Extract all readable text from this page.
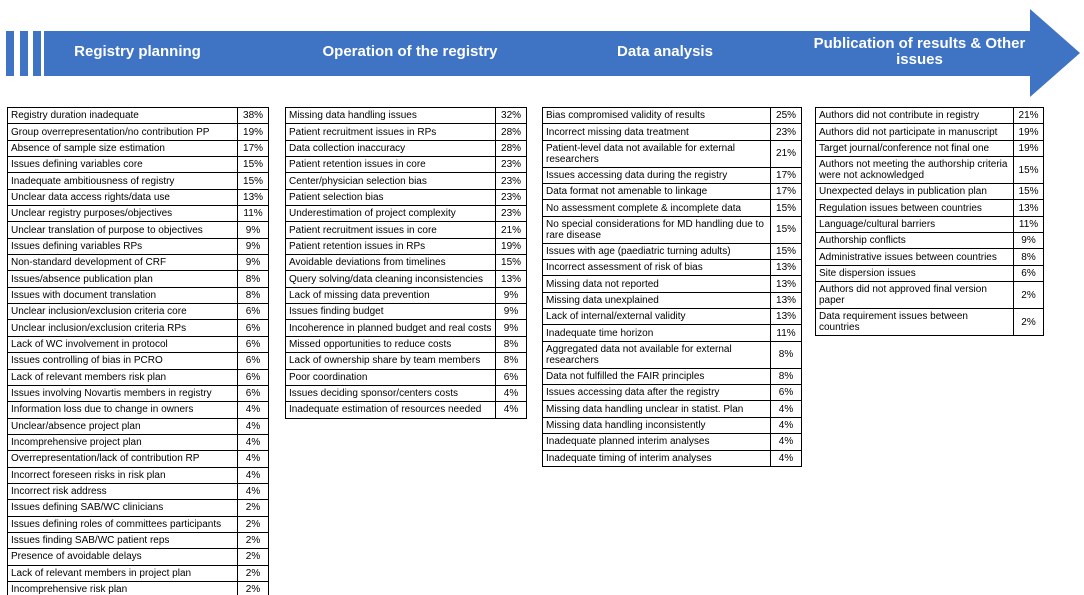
Registry planning	Operation of the registry	Data analysis	Publication of results & Other issues
Registry duration inadequate	38%
Group overrepresentation/no contribution PP	19%
Absence of sample size estimation	17%
Issues defining variables core	15%
Inadequate ambitiousness of registry	15%
Unclear data access rights/data use	13%
Unclear registry purposes/objectives	11%
Unclear translation of purpose to objectives	9%
Issues defining variables RPs	9%
Non-standard development of CRF	9%
Issues/absence publication plan	8%
Issues with document translation	8%
Unclear inclusion/exclusion criteria core	6%
Unclear inclusion/exclusion criteria RPs	6%
Lack of WC involvement in protocol	6%
Issues controlling of bias in PCRO	6%
Lack of relevant members risk plan	6%
Issues involving Novartis members in registry	6%
Information loss due to change in owners	4%
Unclear/absence project plan	4%
Incomprehensive project plan	4%
Overrepresentation/lack of contribution RP	4%
Incorrect foreseen risks in risk plan	4%
Incorrect risk address	4%
Issues defining SAB/WC clinicians	2%
Issues defining roles of committees participants	2%
Issues finding SAB/WC patient reps	2%
Presence of avoidable delays	2%
Lack of relevant members in project plan	2%
Incomprehensive risk plan	2%
Missing data handling issues	32%
Patient recruitment issues in RPs	28%
Data collection inaccuracy	28%
Patient retention issues in core	23%
Center/physician selection bias	23%
Patient selection bias	23%
Underestimation of project complexity	23%
Patient recruitment issues in core	21%
Patient retention issues in RPs	19%
Avoidable deviations from timelines	15%
Query solving/data cleaning inconsistencies	13%
Lack of missing data prevention	9%
Issues finding budget	9%
Incoherence in planned budget and real costs	9%
Missed opportunities to reduce costs	8%
Lack of ownership share by team members	8%
Poor coordination	6%
Issues deciding sponsor/centers costs	4%
Inadequate estimation of resources needed	4%
Bias compromised validity of results	25%
Incorrect missing data treatment	23%
Patient-level data not available for external researchers	21%
Issues accessing data during the registry	17%
Data format not amenable to linkage	17%
No assessment complete & incomplete data	15%
No special considerations for MD handling due to rare disease	15%
Issues with age (paediatric turning adults)	15%
Incorrect assessment of risk of bias	13%
Missing data not reported	13%
Missing data unexplained	13%
Lack of internal/external validity	13%
Inadequate time horizon	11%
Aggregated data not available for external researchers	8%
Data not fulfilled the FAIR principles	8%
Issues accessing data after the registry	6%
Missing data handling unclear in statist. Plan	4%
Missing data handling inconsistently	4%
Inadequate planned interim analyses	4%
Inadequate timing of interim analyses	4%
Authors did not contribute in registry	21%
Authors did not participate in manuscript	19%
Target journal/conference not final one	19%
Authors not meeting the authorship criteria were not acknowledged	15%
Unexpected delays in publication plan	15%
Regulation issues between countries	13%
Language/cultural barriers	11%
Authorship conflicts	9%
Administrative issues between countries	8%
Site dispersion issues	6%
Authors did not approved final version paper	2%
Data requirement issues between countries	2%
